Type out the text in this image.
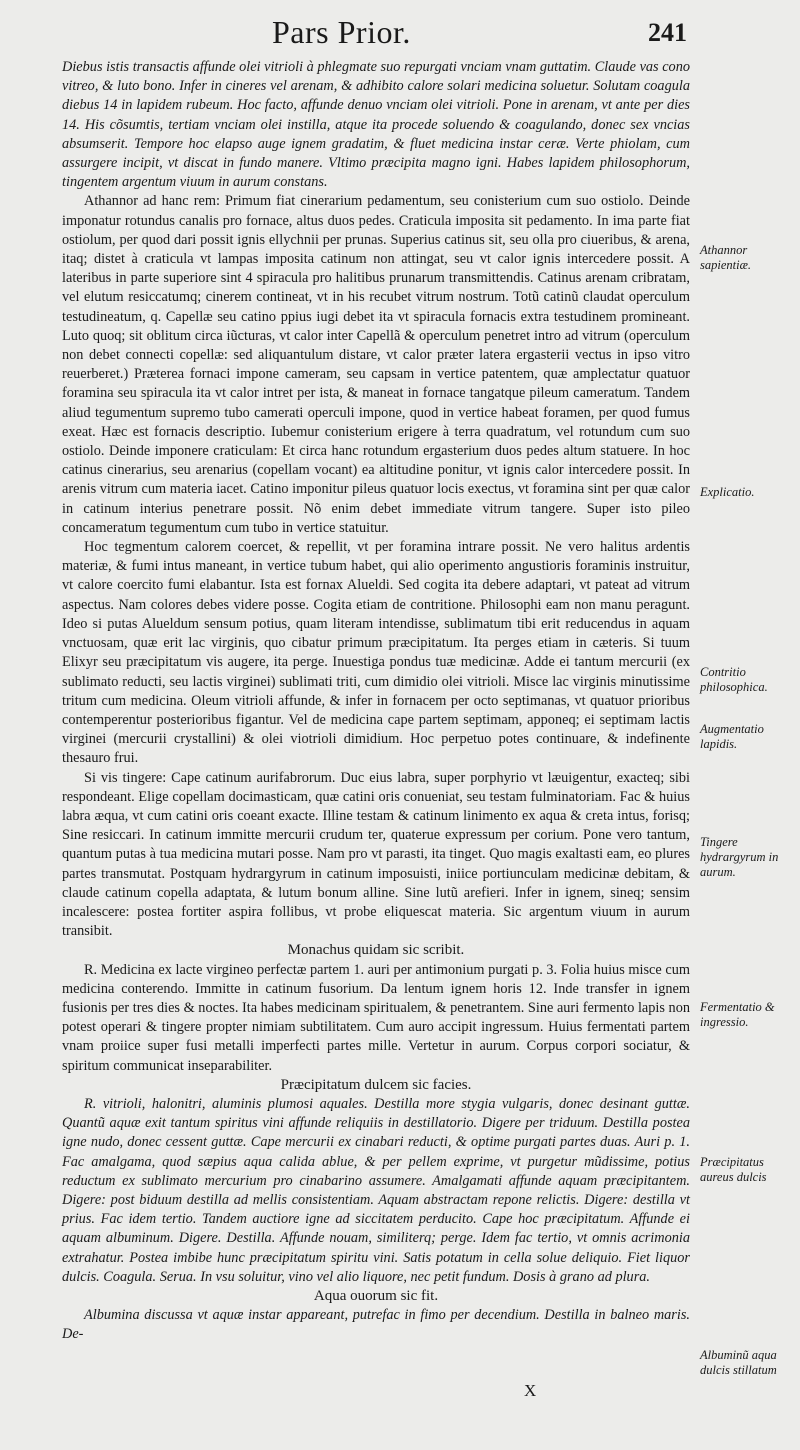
Pars Prior.	241

Diebus istis transactis affunde olei vitrioli à phlegmate suo repurgati vnciam vnam guttatim. Claude vas cono vitreo, & luto bono. Infer in cineres vel arenam, & adhibito calore solari medicina soluetur. Solutam coagula diebus 14 in lapidem rubeum. Hoc facto, affunde denuo vnciam olei vitrioli. Pone in arenam, vt ante per dies 14. His cõsumtis, tertiam vnciam olei instilla, atque ita procede soluendo & coagulando, donec sex vncias absumserit. Tempore hoc elapso auge ignem gradatim, & fluet medicina instar ceræ. Verte phiolam, cum assurgere incipit, vt discat in fundo manere. Vltimo præcipita magno igni. Habes lapidem philosophorum, tingentem argentum viuum in aurum constans.

Athannor ad hanc rem: Primum fiat cinerarium pedamentum, seu conisterium cum suo ostiolo. Deinde imponatur rotundus canalis pro fornace, altus duos pedes. Craticula imposita sit pedamento. In ima parte fiat ostiolum, per quod dari possit ignis ellychnii per prunas. Superius catinus sit, seu olla pro ciueribus, & arena, itaq; distet à craticula vt lampas imposita catinum non attingat, seu vt calor ignis intercedere possit. A lateribus in parte superiore sint 4 spiracula pro halitibus prunarum transmittendis. Catinus arenam cribratam, vel elutum resiccatumq; cinerem contineat, vt in his recubet vitrum nostrum. Totũ catinũ claudat operculum testudineatum, q. Capellæ seu catino ppius iugi debet ita vt spiracula fornacis extra testudinem promineant. Luto quoq; sit oblitum circa iũcturas, vt calor inter Capellã & operculum penetret intro ad vitrum (operculum non debet connecti copellæ: sed aliquantulum distare, vt calor præter latera ergasterii vectus in ipso vitro reuerberet.) Præterea fornaci impone cameram, seu capsam in vertice patentem, quæ amplectatur quatuor foramina seu spiracula ita vt calor intret per ista, & maneat in fornace tangatque pileum cameratum. Tandem aliud tegumentum supremo tubo camerati operculi impone, quod in vertice habeat foramen, per quod fumus exeat. Hæc est fornacis descriptio. Iubemur conisterium erigere à terra quadratum, vel rotundum cum suo ostiolo. Deinde imponere craticulam: Et circa hanc rotundum ergasterium duos pedes altum statuere. In hoc catinus cinerarius, seu arenarius (copellam vocant) ea altitudine ponitur, vt ignis calor intercedere possit. In arenis vitrum cum materia iacet. Catino imponitur pileus quatuor locis exectus, vt foramina sint per quæ calor in catinum interius penetrare possit. Nõ enim debet immediate vitrum tangere. Super isto pileo concameratum tegumentum cum tubo in vertice statuitur.

Hoc tegmentum calorem coercet, & repellit, vt per foramina intrare possit. Ne vero halitus ardentis materiæ, & fumi intus maneant, in vertice tubum habet, qui alio operimento angustioris foraminis instruitur, vt calore coercito fumi elabantur. Ista est fornax Alueldi. Sed cogita ita debere adaptari, vt pateat ad vitrum aspectus. Nam colores debes videre posse. Cogita etiam de contritione. Philosophi eam non manu peragunt. Ideo si putas Alueldum sensum potius, quam literam intendisse, sublimatum tibi erit reducendus in aquam vnctuosam, quæ erit lac virginis, quo cibatur primum præcipitatum. Ita perges etiam in cæteris. Si tuum Elixyr seu præcipitatum vis augere, ita perge. Inuestiga pondus tuæ medicinæ. Adde ei tantum mercurii (ex sublimato reducti, seu lactis virginei) sublimati triti, cum dimidio olei vitrioli. Misce lac virginis minutissime tritum cum medicina. Oleum vitrioli affunde, & infer in fornacem per octo septimanas, vt quatuor prioribus contemperentur posterioribus figantur. Vel de medicina cape partem septimam, apponeq; ei septimam lactis virginei (mercurii crystallini) & olei viotrioli dimidium. Hoc perpetuo potes continuare, & indefinente thesauro frui.

Si vis tingere: Cape catinum aurifabrorum. Duc eius labra, super porphyrio vt læuigentur, exacteq; sibi respondeant. Elige copellam docimasticam, quæ catini oris conueniat, seu testam fulminatoriam. Fac & huius labra æqua, vt cum catini oris coeant exacte. Illine testam & catinum linimento ex aqua & creta intus, forisq; Sine resiccari. In catinum immitte mercurii crudum ter, quaterue expressum per corium. Pone vero tantum, quantum putas à tua medicina mutari posse. Nam pro vt parasti, ita tinget. Quo magis exaltasti eam, eo plures partes transmutat. Postquam hydrargyrum in catinum imposuisti, iniice portiunculam medicinæ debitam, & claude catinum copella adaptata, & lutum bonum alline. Sine lutũ arefieri. Infer in ignem, sineq; sensim incalescere: postea fortiter aspira follibus, vt probe eliquescat materia. Sic argentum viuum in aurum transibit.

Monachus quidam sic scribit.

R. Medicina ex lacte virgineo perfectæ partem 1. auri per antimonium purgati p. 3. Folia huius misce cum medicina conterendo. Immitte in catinum fusorium. Da lentum ignem horis 12. Inde transfer in ignem fusionis per tres dies & noctes. Ita habes medicinam spiritualem, & penetrantem. Sine auri fermento lapis non potest operari & tingere propter nimiam subtilitatem. Cum auro accipit ingressum. Huius fermentati partem vnam proiice super fusi metalli imperfecti partes mille. Vertetur in aurum. Corpus corpori sociatur, & spiritum communicat inseparabiliter.

Præcipitatum dulcem sic facies.

R. vitrioli, halonitri, aluminis plumosi aquales. Destilla more stygia vulgaris, donec desinant guttæ. Quantũ aquæ exit tantum spiritus vini affunde reliquiis in destillatorio. Digere per triduum. Destilla postea igne nudo, donec cessent guttæ. Cape mercurii ex cinabari reducti, & optime purgati partes duas. Auri p. 1. Fac amalgama, quod sæpius aqua calida ablue, & per pellem exprime, vt purgetur mũdissime, potius reductum ex sublimato mercurium pro cinabarino assumere. Amalgamati affunde aquam præcipitantem. Digere: post biduum destilla ad mellis consistentiam. Aquam abstractam repone relictis. Digere: destilla vt prius. Fac idem tertio. Tandem auctiore igne ad siccitatem perducito. Cape hoc præcipitatum. Affunde ei aquam albuminum. Digere. Destilla. Affunde nouam, similiterq; perge. Idem fac tertio, vt omnis acrimonia extrahatur. Postea imbibe hunc præcipitatum spiritu vini. Satis potatum in cella solue deliquio. Fiet liquor dulcis. Coagula. Serua. In vsu soluitur, vino vel alio liquore, nec petit fundum. Dosis à grano ad plura.

Aqua ouorum sic fit.

Albumina discussa vt aquæ instar appareant, putrefac in fimo per decendium. Destilla in balneo maris. De-

Athannor sapientiæ.
Explicatio.
Contritio philosophica.
Augmentatio lapidis.
Tingere hydrargyrum in aurum.
Fermentatio & ingressio.
Præcipitatus aureus dulcis
Albuminũ aqua dulcis stillatum
X
